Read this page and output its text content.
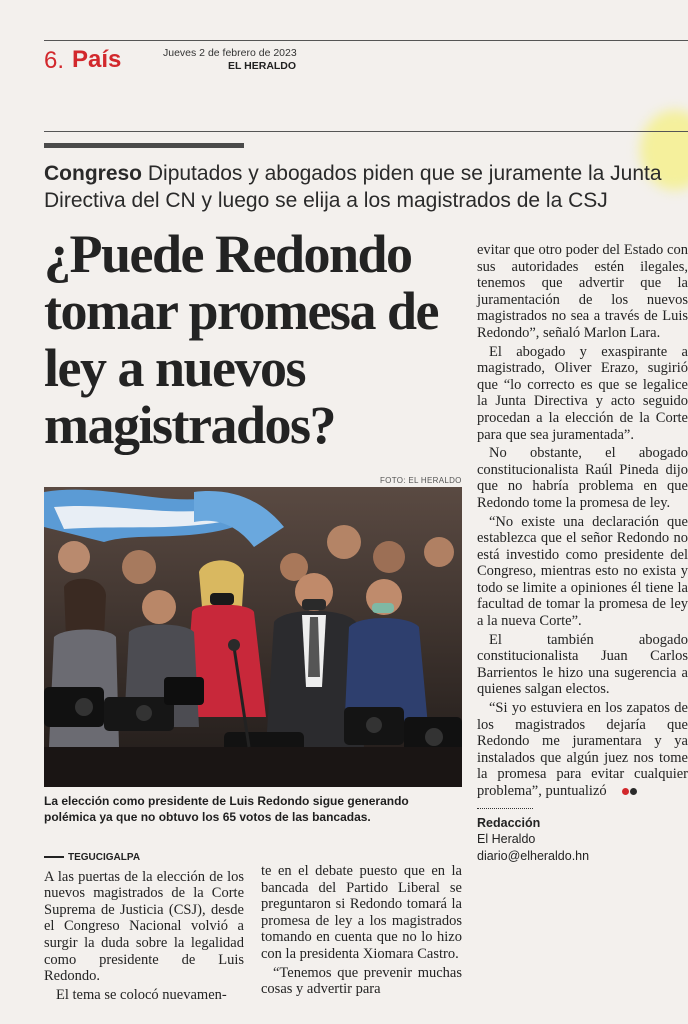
6. País	Jueves 2 de febrero de 2023
EL HERALDO
Congreso Diputados y abogados piden que se juramente la Junta Directiva del CN y luego se elija a los magistrados de la CSJ
¿Puede Redondo tomar promesa de ley a nuevos magistrados?
FOTO: EL HERALDO
La elección como presidente de Luis Redondo sigue generando polémica ya que no obtuvo los 65 votos de las bancadas.

TEGUCIGALPA

A las puertas de la elección de los nuevos magistrados de la Corte Suprema de Justicia (CSJ), desde el Congreso Nacional volvió a surgir la duda sobre la legalidad como presidente de Luis Redondo.

El tema se colocó nuevamen-

te en el debate puesto que en la bancada del Partido Liberal se preguntaron si Redondo tomará la promesa de ley a los magistrados tomando en cuenta que no lo hizo con la presidenta Xiomara Castro.

“Tenemos que prevenir muchas cosas y advertir para

evitar que otro poder del Estado con sus autoridades estén ilegales, tenemos que advertir que la juramentación de los nuevos magistrados no sea a través de Luis Redondo”, señaló Marlon Lara.

El abogado y exaspirante a magistrado, Oliver Erazo, sugirió que “lo correcto es que se legalice la Junta Directiva y acto seguido procedan a la elección de la Corte para que sea juramentada”.

No obstante, el abogado constitucionalista Raúl Pineda dijo que no habría problema en que Redondo tome la promesa de ley.

“No existe una declaración que establezca que el señor Redondo no está investido como presidente del Congreso, mientras esto no exista y todo se limite a opiniones él tiene la facultad de tomar la promesa de ley a la nueva Corte”.

El también abogado constitucionalista Juan Carlos Barrientos le hizo una sugerencia a quienes salgan electos.

“Si yo estuviera en los zapatos de los magistrados dejaría que Redondo me juramentara y ya instalados que algún juez nos tome la promesa para evitar cualquier problema”, puntualizó

Redacción
El Heraldo
diario@elheraldo.hn
